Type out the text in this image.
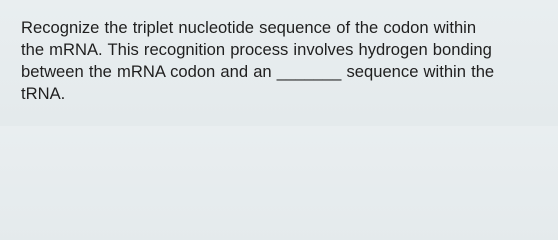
Recognize the triplet nucleotide sequence of the codon within
the mRNA. This recognition process involves hydrogen bonding
between the mRNA codon and an _______ sequence within the
tRNA.
